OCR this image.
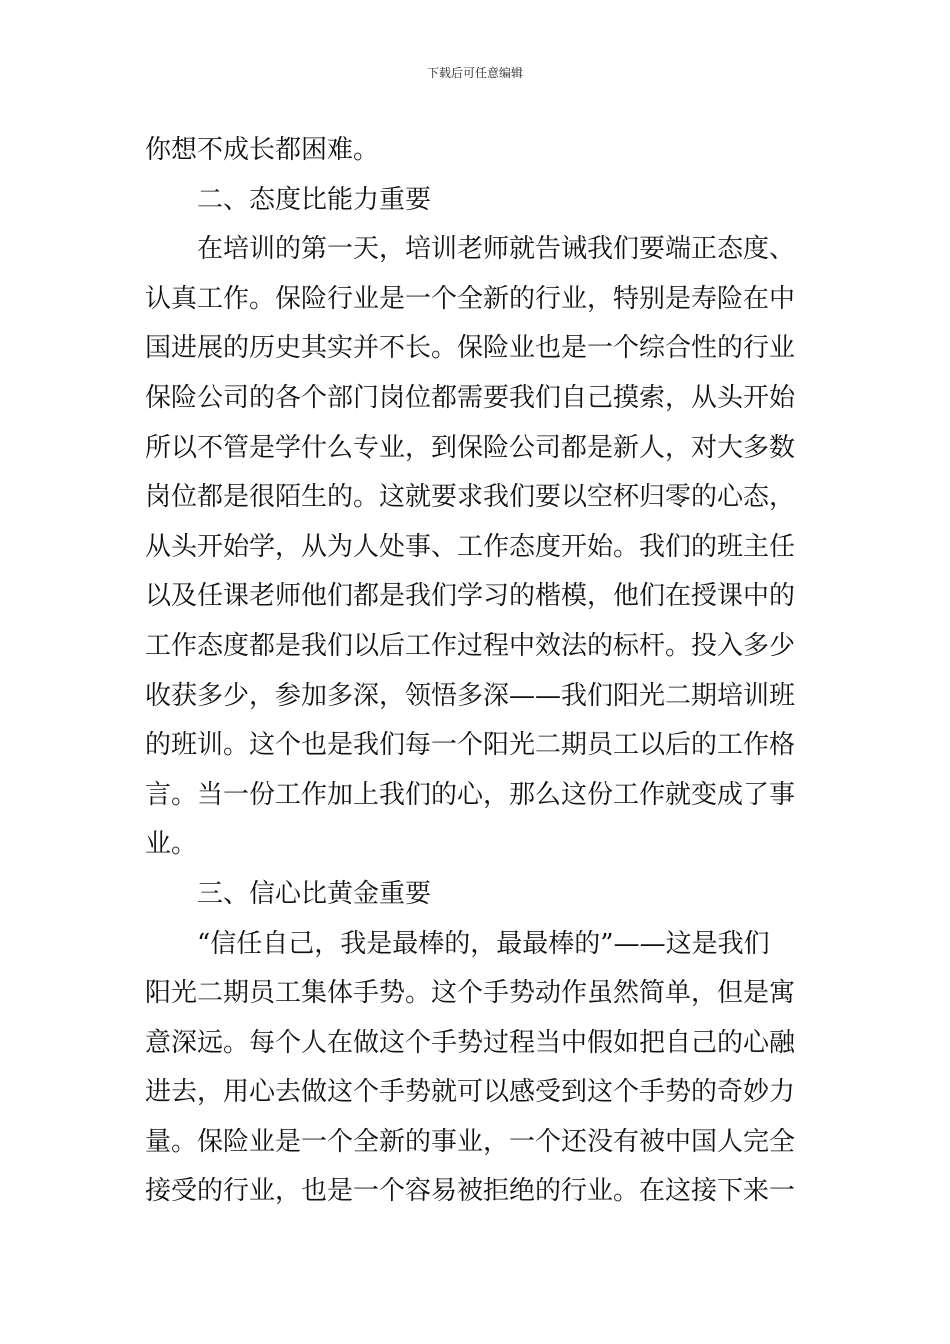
下载后可任意编辑
你想不成长都困难。
二、态度比能力重要
在培训的第一天，培训老师就告诫我们要端正态度、
认真工作。保险行业是一个全新的行业，特别是寿险在中
国进展的历史其实并不长。保险业也是一个综合性的行业
保险公司的各个部门岗位都需要我们自己摸索，从头开始
所以不管是学什么专业，到保险公司都是新人，对大多数
岗位都是很陌生的。这就要求我们要以空杯归零的心态，
从头开始学，从为人处事、工作态度开始。我们的班主任
以及任课老师他们都是我们学习的楷模，他们在授课中的
工作态度都是我们以后工作过程中效法的标杆。投入多少
收获多少，参加多深，领悟多深——我们阳光二期培训班
的班训。这个也是我们每一个阳光二期员工以后的工作格
言。当一份工作加上我们的心，那么这份工作就变成了事
业。
三、信心比黄金重要
“信任自己，我是最棒的，最最棒的”——这是我们
阳光二期员工集体手势。这个手势动作虽然简单，但是寓
意深远。每个人在做这个手势过程当中假如把自己的心融
进去，用心去做这个手势就可以感受到这个手势的奇妙力
量。保险业是一个全新的事业，一个还没有被中国人完全
接受的行业，也是一个容易被拒绝的行业。在这接下来一
